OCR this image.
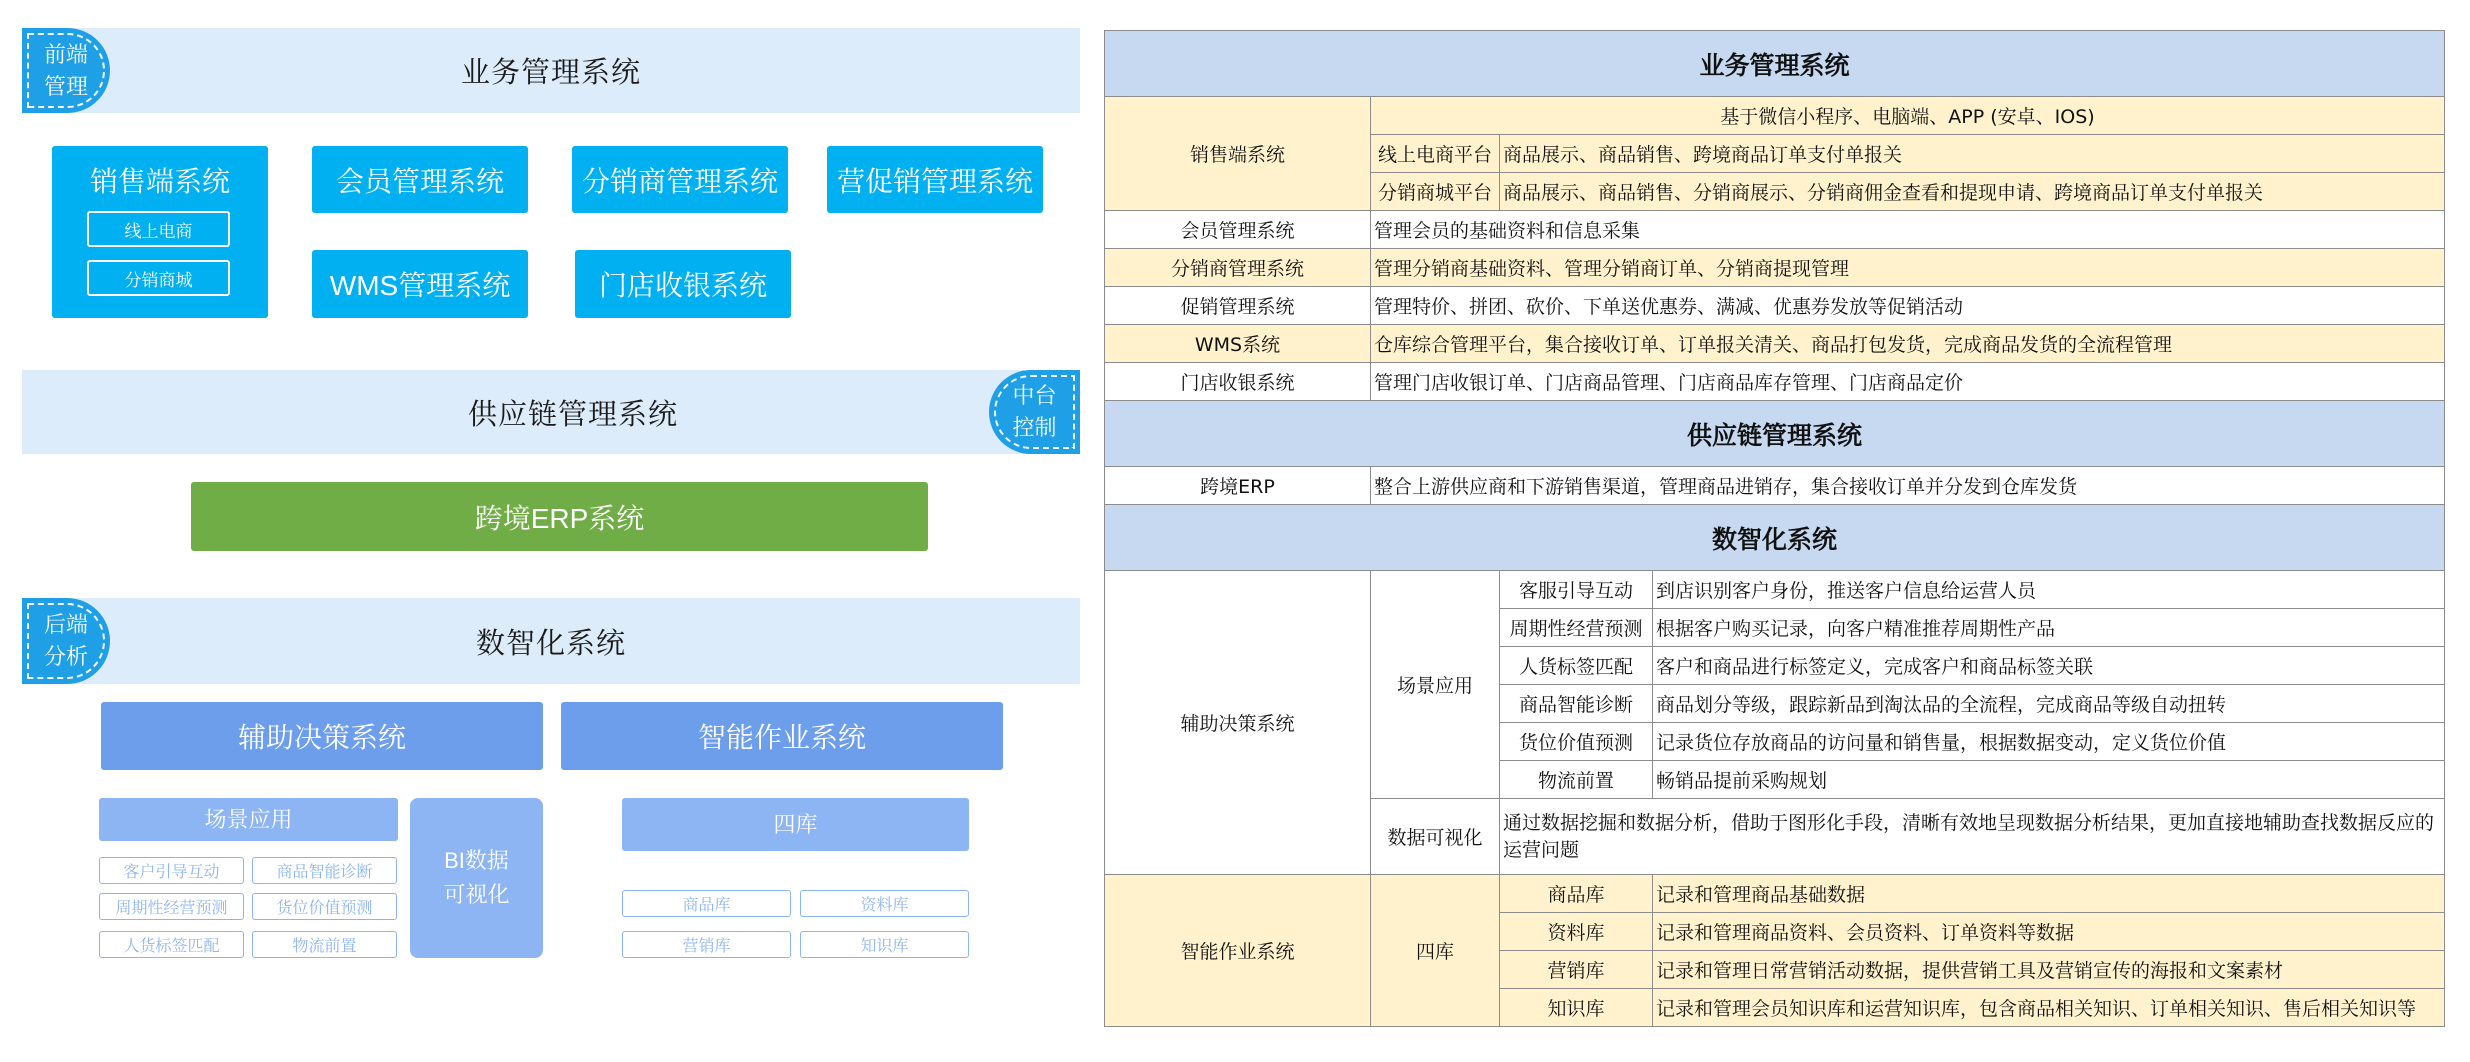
业务管理系统
前端
管理
销售端系统
线上电商
分销商城
会员管理系统	分销商管理系统	营促销管理系统
WMS管理系统	门店收银系统
供应链管理系统
中台
控制
跨境ERP系统
数智化系统
后端
分析
辅助决策系统	智能作业系统
场景应用
BI数据
可视化
客户引导互动	商品智能诊断
周期性经营预测	货位价值预测
人货标签匹配	物流前置
四库
商品库	资料库
营销库	知识库
业务管理系统			
销售端系统	基于微信小程序、电脑端、APP (安卓、IOS)		
	线上电商平台	商品展示、商品销售、跨境商品订单支付单报关	
	分销商城平台	商品展示、商品销售、分销商展示、分销商佣金查看和提现申请、跨境商品订单支付单报关	
会员管理系统	管理会员的基础资料和信息采集		
分销商管理系统	管理分销商基础资料、管理分销商订单、分销商提现管理		
促销管理系统	管理特价、拼团、砍价、下单送优惠券、满减、优惠券发放等促销活动		
WMS系统	仓库综合管理平台，集合接收订单、订单报关清关、商品打包发货，完成商品发货的全流程管理		
门店收银系统	管理门店收银订单、门店商品管理、门店商品库存管理、门店商品定价		
供应链管理系统			
跨境ERP	整合上游供应商和下游销售渠道，管理商品进销存，集合接收订单并分发到仓库发货		
数智化系统			
辅助决策系统	场景应用	客服引导互动	到店识别客户身份，推送客户信息给运营人员
		周期性经营预测	根据客户购买记录，向客户精准推荐周期性产品
		人货标签匹配	客户和商品进行标签定义，完成客户和商品标签关联
		商品智能诊断	商品划分等级，跟踪新品到淘汰品的全流程，完成商品等级自动扭转
		货位价值预测	记录货位存放商品的访问量和销售量，根据数据变动，定义货位价值
		物流前置	畅销品提前采购规划
	数据可视化	通过数据挖掘和数据分析，借助于图形化手段，清晰有效地呈现数据分析结果，更加直接地辅助查找数据反应的运营问题	
智能作业系统	四库	商品库	记录和管理商品基础数据
		资料库	记录和管理商品资料、会员资料、订单资料等数据
		营销库	记录和管理日常营销活动数据，提供营销工具及营销宣传的海报和文案素材
		知识库	记录和管理会员知识库和运营知识库，包含商品相关知识、订单相关知识、售后相关知识等
